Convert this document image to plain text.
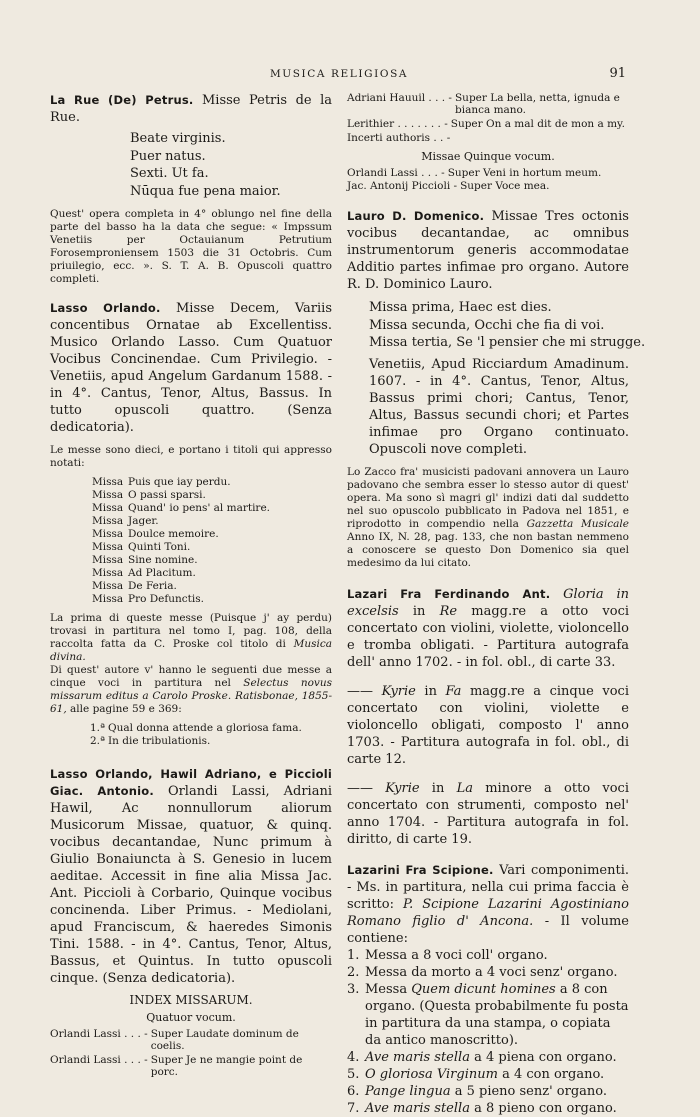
MUSICA RELIGIOSA	91

La Rue (De) Petrus. Misse Petris de la Rue.

Beate virginis.
Puer natus.
Sexti. Ut fa.
Nūqua fue pena maior.

Quest' opera completa in 4° oblungo nel fine della parte del basso ha la data che segue: « Impssum Venetiis per Octauianum Petrutium Forosemproniensem 1503 die 31 Octobris. Cum priuilegio, ecc. ». S. T. A. B. Opuscoli quattro completi.

Lasso Orlando. Misse Decem, Variis concentibus Ornatae ab Excellentiss. Musico Orlando Lasso. Cum Quatuor Vocibus Concinendae. Cum Privilegio. - Venetiis, apud Angelum Gardanum 1588. - in 4°. Cantus, Tenor, Altus, Bassus. In tutto opuscoli quattro. (Senza dedicatoria).

Le messe sono dieci, e portano i titoli qui appresso notati:

Missa Puis que iay perdu.
Missa O passi sparsi.
Missa Quand' io pens' al martire.
Missa Jager.
Missa Doulce memoire.
Missa Quinti Toni.
Missa Sine nomine.
Missa Ad Placitum.
Missa De Feria.
Missa Pro Defunctis.

La prima di queste messe (Puisque j' ay perdu) trovasi in partitura nel tomo I, pag. 108, della raccolta fatta da C. Proske col titolo di Musica divina.

Di quest' autore v' hanno le seguenti due messe a cinque voci in partitura nel Selectus novus missarum editus a Carolo Proske. Ratisbonae, 1855-61, alle pagine 59 e 369:

1.ª Qual donna attende a gloriosa fama.
2.ª In die tribulationis.

Lasso Orlando, Hawil Adriano, e Piccioli Giac. Antonio. Orlandi Lassi, Adriani Hawil, Ac nonnullorum aliorum Musicorum Missae, quatuor, & quinq. vocibus decantandae, Nunc primum à Giulio Bonaiuncta à S. Genesio in lucem aeditae. Accessit in fine alia Missa Jac. Ant. Piccioli à Corbario, Quinque vocibus concinenda. Liber Primus. - Mediolani, apud Franciscum, & haeredes Simonis Tini. 1588. - in 4°. Cantus, Tenor, Altus, Bassus, et Quintus. In tutto opuscoli cinque. (Senza dedicatoria).

INDEX MISSARUM.
Quatuor vocum.
Orlandi Lassi . . . - Super Laudate dominum de coelis.
Orlandi Lassi . . . - Super Je ne mangie point de porc.
Adriani Hauuil . . . - Super La bella, netta, ignuda e bianca mano.
Lerithier . . . . . . . - Super On a mal dit de mon a my.
Incerti authoris . . -
Missae Quinque vocum.
Orlandi Lassi . . . - Super Veni in hortum meum.
Jac. Antonij Piccioli - Super Voce mea.

Lauro D. Domenico. Missae Tres octonis vocibus decantandae, ac omnibus instrumentorum generis accommodatae Additio partes infimae pro organo. Autore R. D. Dominico Lauro.

Missa prima, Haec est dies.
Missa secunda, Occhi che fia di voi.
Missa tertia, Se 'l pensier che mi strugge.

Venetiis, Apud Ricciardum Amadinum. 1607. - in 4°. Cantus, Tenor, Altus, Bassus primi chori; Cantus, Tenor, Altus, Bassus secundi chori; et Partes infimae pro Organo continuato. Opuscoli nove completi.

Lo Zacco fra' musicisti padovani annovera un Lauro padovano che sembra esser lo stesso autor di quest' opera. Ma sono sì magri gl' indizi dati dal suddetto nel suo opuscolo pubblicato in Padova nel 1851, e riprodotto in compendio nella Gazzetta Musicale Anno IX, N. 28, pag. 133, che non bastan nemmeno a conoscere se questo Don Domenico sia quel medesimo da lui citato.

Lazari Fra Ferdinando Ant. Gloria in excelsis in Re magg.re a otto voci concertato con violini, violette, violoncello e tromba obligati. - Partitura autografa dell' anno 1702. - in fol. obl., di carte 33.

—— Kyrie in Fa magg.re a cinque voci concertato con violini, violette e violoncello obligati, composto l' anno 1703. - Partitura autografa in fol. obl., di carte 12.

—— Kyrie in La minore a otto voci concertato con strumenti, composto nel' anno 1704. - Partitura autografa in fol. diritto, di carte 19.

Lazarini Fra Scipione. Vari componimenti. - Ms. in partitura, nella cui prima faccia è scritto: P. Scipione Lazarini Agostiniano Romano figlio d' Ancona. - Il volume contiene:

1. Messa a 8 voci coll' organo.
2. Messa da morto a 4 voci senz' organo.
3. Messa Quem dicunt homines a 8 con organo. (Questa probabilmente fu posta in partitura da una stampa, o copiata da antico manoscritto).
4. Ave maris stella a 4 piena con organo.
5. O gloriosa Virginum a 4 con organo.
6. Pange lingua a 5 pieno senz' organo.
7. Ave maris stella a 8 pieno con organo.
